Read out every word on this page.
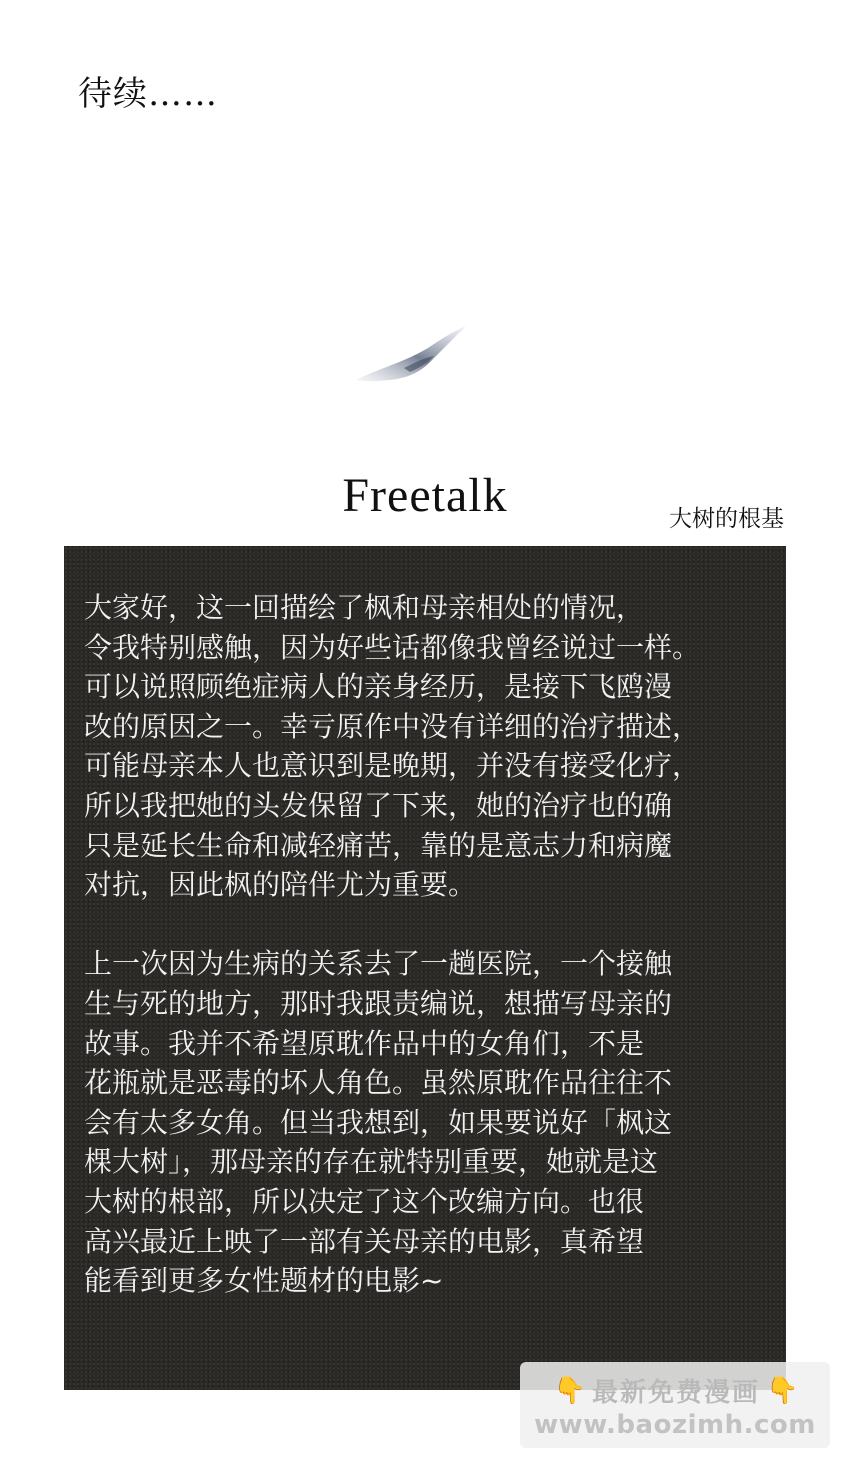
待续……
Freetalk	大树的根基
大家好，这一回描绘了枫和母亲相处的情况，
令我特别感触，因为好些话都像我曾经说过一样。
可以说照顾绝症病人的亲身经历，是接下飞鸥漫
改的原因之一。幸亏原作中没有详细的治疗描述，
可能母亲本人也意识到是晚期，并没有接受化疗，
所以我把她的头发保留了下来，她的治疗也的确
只是延长生命和减轻痛苦，靠的是意志力和病魔
对抗，因此枫的陪伴尤为重要。
上一次因为生病的关系去了一趟医院，一个接触
生与死的地方，那时我跟责编说，想描写母亲的
故事。我并不希望原耽作品中的女角们，不是
花瓶就是恶毒的坏人角色。虽然原耽作品往往不
会有太多女角。但当我想到，如果要说好「枫这
棵大树」，那母亲的存在就特别重要，她就是这
大树的根部，所以决定了这个改编方向。也很
高兴最近上映了一部有关母亲的电影，真希望
能看到更多女性题材的电影~
👇 最新免费漫画 👇
www.baozimh.com
